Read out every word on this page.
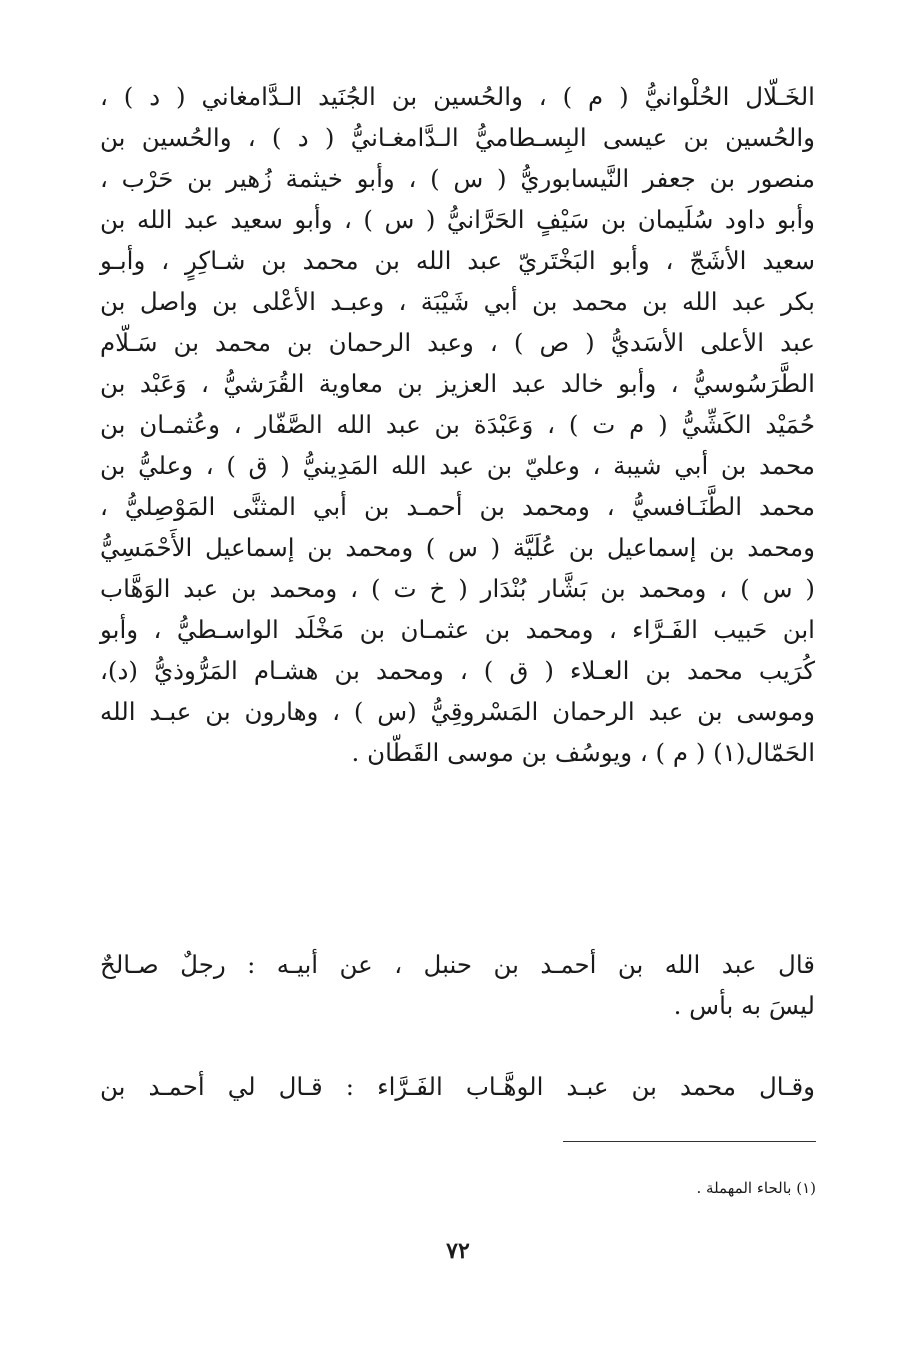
الخَـلّال الحُلْوانيُّ ( م ) ، والحُسين بن الجُنَيد الـدَّامغاني ( د ) ،
والحُسين بن عيسى البِسـطاميُّ الـدَّامغـانيُّ ( د ) ، والحُسين بن
منصور بن جعفر النَّيسابوريُّ ( س ) ، وأبو خيثمة زُهير بن حَرْب ،
وأبو داود سُلَيمان بن سَيْفٍ الحَرَّانيُّ ( س ) ، وأبو سعيد عبد الله بن
سعيد الأشَجّ ، وأبو البَخْتَريّ عبد الله بن محمد بن شـاكِرٍ ، وأبـو
بكر عبد الله بن محمد بن أبي شَيْبَة ، وعبـد الأعْلى بن واصل بن
عبد الأعلى الأسَديُّ ( ص ) ، وعبد الرحمان بن محمد بن سَـلّام
الطَّرَسُوسيُّ ، وأبو خالد عبد العزيز بن معاوية القُرَشيُّ ، وَعَبْد بن
حُمَيْد الكَشِّيُّ ( م ت ) ، وَعَبْدَة بن عبد الله الصَّفّار ، وعُثمـان بن
محمد بن أبي شيبة ، وعليّ بن عبد الله المَدِينيُّ ( ق ) ، وعليُّ بن
محمد الطَّنَـافسيُّ ، ومحمد بن أحمـد بن أبي المثنَّى المَوْصِليُّ ،
ومحمد بن إسماعيل بن عُلَيَّة ( س ) ومحمد بن إسماعيل الأَحْمَسِيُّ
( س ) ، ومحمد بن بَشَّار بُنْدَار ( خ ت ) ، ومحمد بن عبد الوَهَّاب
ابن حَبيب الفَـرَّاء ، ومحمد بن عثمـان بن مَخْلَد الواسـطيُّ ، وأبو
كُرَيب محمد بن العـلاء ( ق ) ، ومحمد بن هشـام المَرُّوذيُّ (د)،
وموسى بن عبد الرحمان المَسْروقِيُّ (س ) ، وهارون بن عبـد الله
الحَمّال(١) ( م ) ، ويوسُف بن موسى القَطّان .
قال عبد الله بن أحمـد بن حنبل ، عن أبيـه : رجلٌ صـالحٌ
ليسَ به بأس .
وقـال محمد بن عبـد الوهَّـاب الفَـرَّاء : قـال لي أحمـد بن
(١) بالحاء المهملة .
٧٢
